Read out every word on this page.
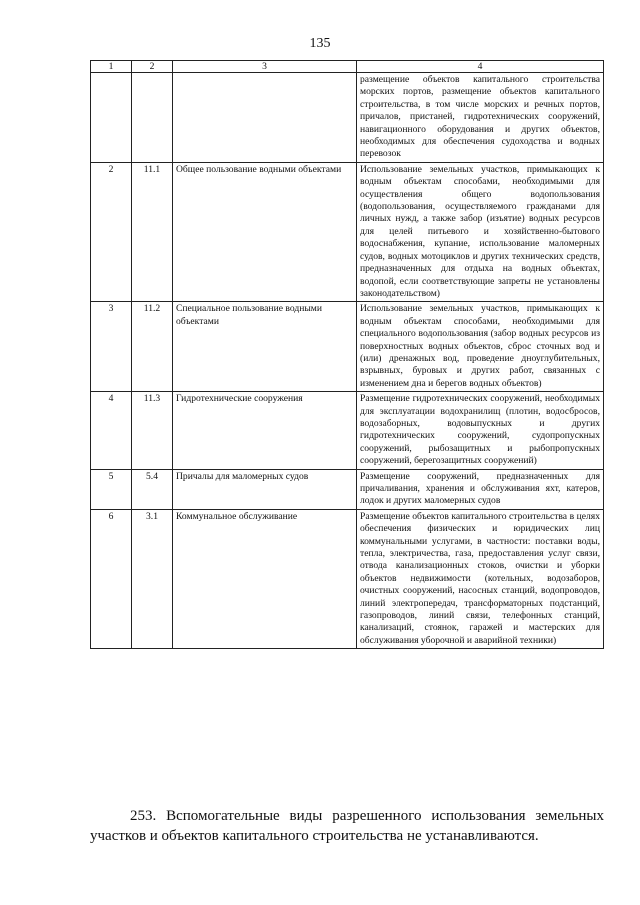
135
1	2	3	4
			размещение объектов капитального строительства морских портов, размещение объектов капитального строительства, в том числе морских и речных портов, причалов, пристаней, гидротехнических сооружений, навигационного оборудования и других объектов, необходимых для обеспечения судоходства и водных перевозок
2	11.1	Общее пользование водными объектами	Использование земельных участков, примыкающих к водным объектам способами, необходимыми для осуществления общего водопользования (водопользования, осуществляемого гражданами для личных нужд, а также забор (изъятие) водных ресурсов для целей питьевого и хозяйственно-бытового водоснабжения, купание, использование маломерных судов, водных мотоциклов и других технических средств, предназначенных для отдыха на водных объектах, водопой, если соответствующие запреты не установлены законодательством)
3	11.2	Специальное пользование водными объектами	Использование земельных участков, примыкающих к водным объектам способами, необходимыми для специального водопользования (забор водных ресурсов из поверхностных водных объектов, сброс сточных вод и (или) дренажных вод, проведение дноуглубительных, взрывных, буровых и других работ, связанных с изменением дна и берегов водных объектов)
4	11.3	Гидротехнические сооружения	Размещение гидротехнических сооружений, необходимых для эксплуатации водохранилищ (плотин, водосбросов, водозаборных, водовыпускных и других гидротехнических сооружений, судопропускных сооружений, рыбозащитных и рыбопропускных сооружений, берегозащитных сооружений)
5	5.4	Причалы для маломерных судов	Размещение сооружений, предназначенных для причаливания, хранения и обслуживания яхт, катеров, лодок и других маломерных судов
6	3.1	Коммунальное обслуживание	Размещение объектов капитального строительства в целях обеспечения физических и юридических лиц коммунальными услугами, в частности: поставки воды, тепла, электричества, газа, предоставления услуг связи, отвода канализационных стоков, очистки и уборки объектов недвижимости (котельных, водозаборов, очистных сооружений, насосных станций, водопроводов, линий электропередач, трансформаторных подстанций, газопроводов, линий связи, телефонных станций, канализаций, стоянок, гаражей и мастерских для обслуживания уборочной и аварийной техники)
253. Вспомогательные виды разрешенного использования земельных участков и объектов капитального строительства не устанавливаются.
